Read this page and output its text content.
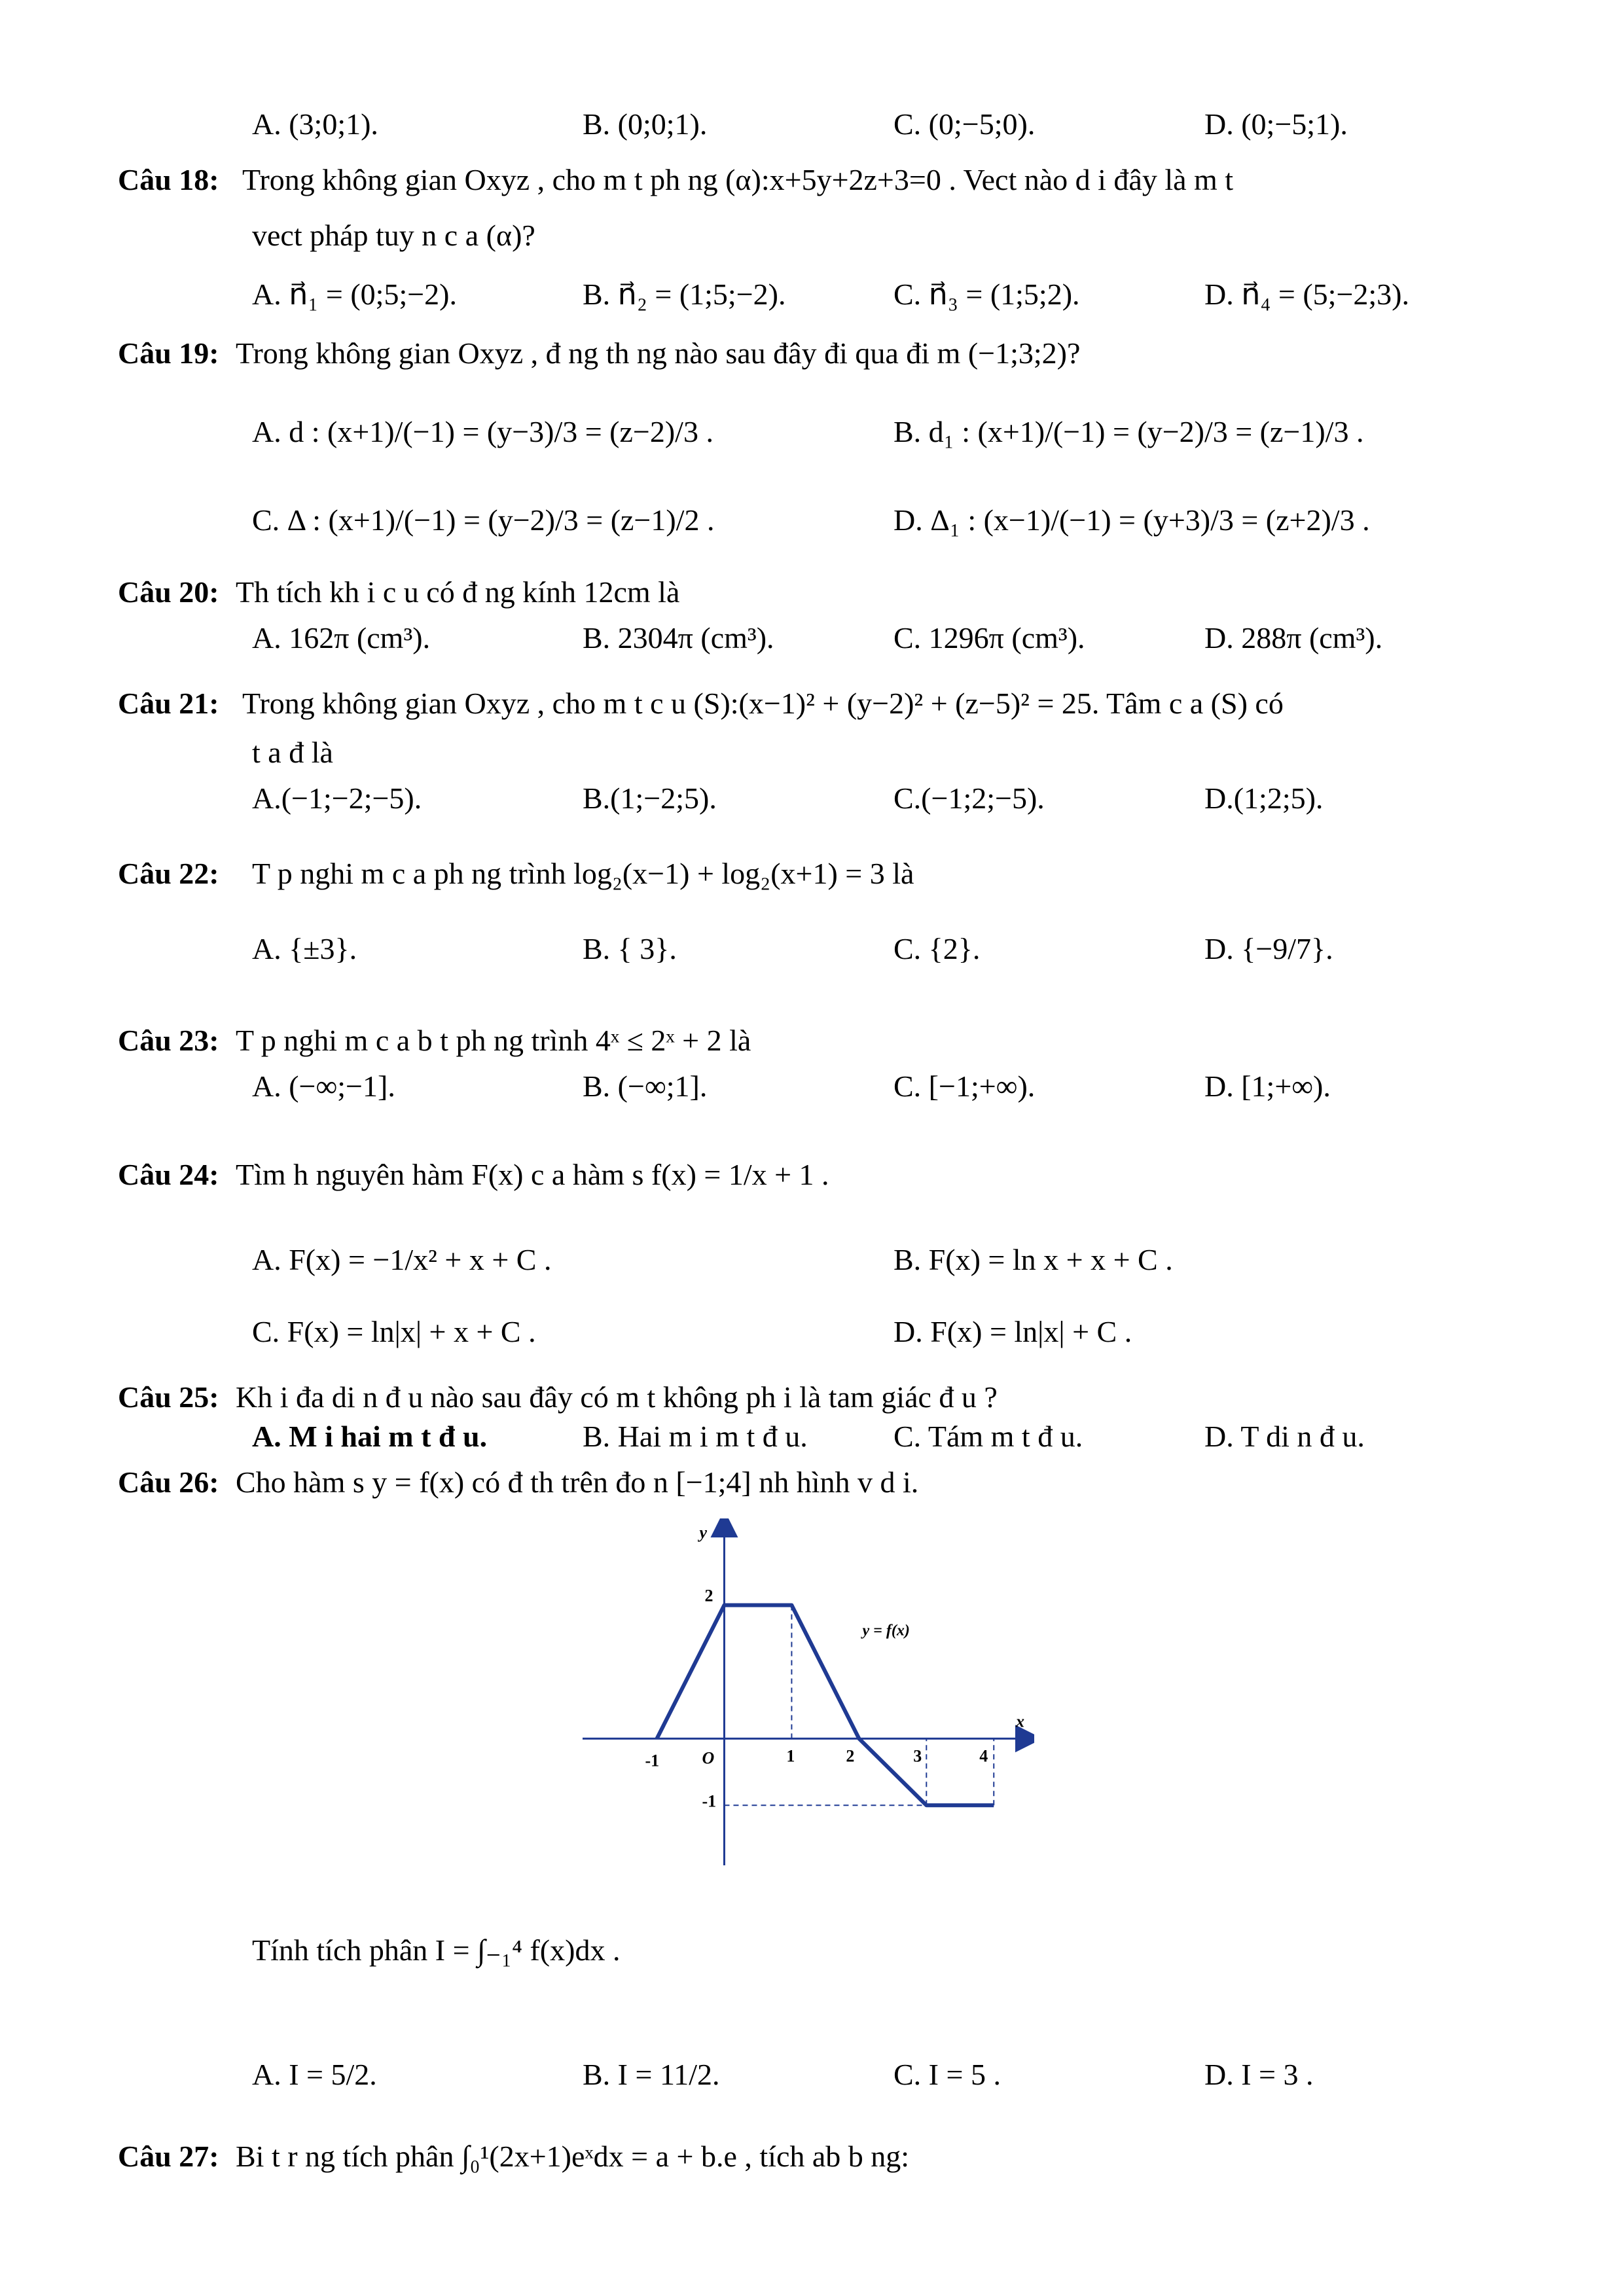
A. (3;0;1).	B. (0;0;1).	C. (0;−5;0).	D. (0;−5;1).
Câu 18: Trong không gian Oxyz , cho m t ph ng (α):x+5y+2z+3=0 . Vect nào d i đây là m t
vect pháp tuy n c a (α)?
A. n⃗₁ = (0;5;−2).	B. n⃗₂ = (1;5;−2).	C. n⃗₃ = (1;5;2).	D. n⃗₄ = (5;−2;3).
Câu 19: Trong không gian Oxyz , đ ng th ng nào sau đây đi qua đi m (−1;3;2)?
A. d : (x+1)/(−1) = (y−3)/3 = (z−2)/3 .	B. d₁ : (x+1)/(−1) = (y−2)/3 = (z−1)/3 .
C. Δ : (x+1)/(−1) = (y−2)/3 = (z−1)/2 .	D. Δ₁ : (x−1)/(−1) = (y+3)/3 = (z+2)/3 .
Câu 20: Th tích kh i c u có đ ng kính 12cm là
A. 162π (cm³).	B. 2304π (cm³).	C. 1296π (cm³).	D. 288π (cm³).
Câu 21: Trong không gian Oxyz , cho m t c u (S):(x−1)² + (y−2)² + (z−5)² = 25. Tâm c a (S) có
t a đ là
A.(−1;−2;−5).	B.(1;−2;5).	C.(−1;2;−5).	D.(1;2;5).
Câu 22: T p nghi m c a ph ng trình log₂(x−1) + log₂(x+1) = 3 là
A. {±3}.	B. { 3}.	C. {2}.	D. {−9/7}.
Câu 23: T p nghi m c a b t ph ng trình 4ˣ ≤ 2ˣ + 2 là
A. (−∞;−1].	B. (−∞;1].	C. [−1;+∞).	D. [1;+∞).
Câu 24: Tìm h nguyên hàm F(x) c a hàm s f(x) = 1/x + 1 .
A. F(x) = −1/x² + x + C .	B. F(x) = ln x + x + C .
C. F(x) = ln|x| + x + C .	D. F(x) = ln|x| + C .
Câu 25: Kh i đa di n đ u nào sau đây có m t không ph i là tam giác đ u ?
A. M i hai m t đ u.	B. Hai m i m t đ u.	C. Tám m t đ u.	D. T di n đ u.
Câu 26: Cho hàm s y = f(x) có đ th trên đo n [−1;4] nh hình v d i.
-1	1	2	3	4
2
-1
O
x
y
y = f(x)
Tính tích phân I = ∫₋₁⁴ f(x)dx .
A. I = 5/2.	B. I = 11/2.	C. I = 5 .	D. I = 3 .
Câu 27: Bi t r ng tích phân ∫₀¹(2x+1)eˣdx = a + b.e , tích ab b ng:
